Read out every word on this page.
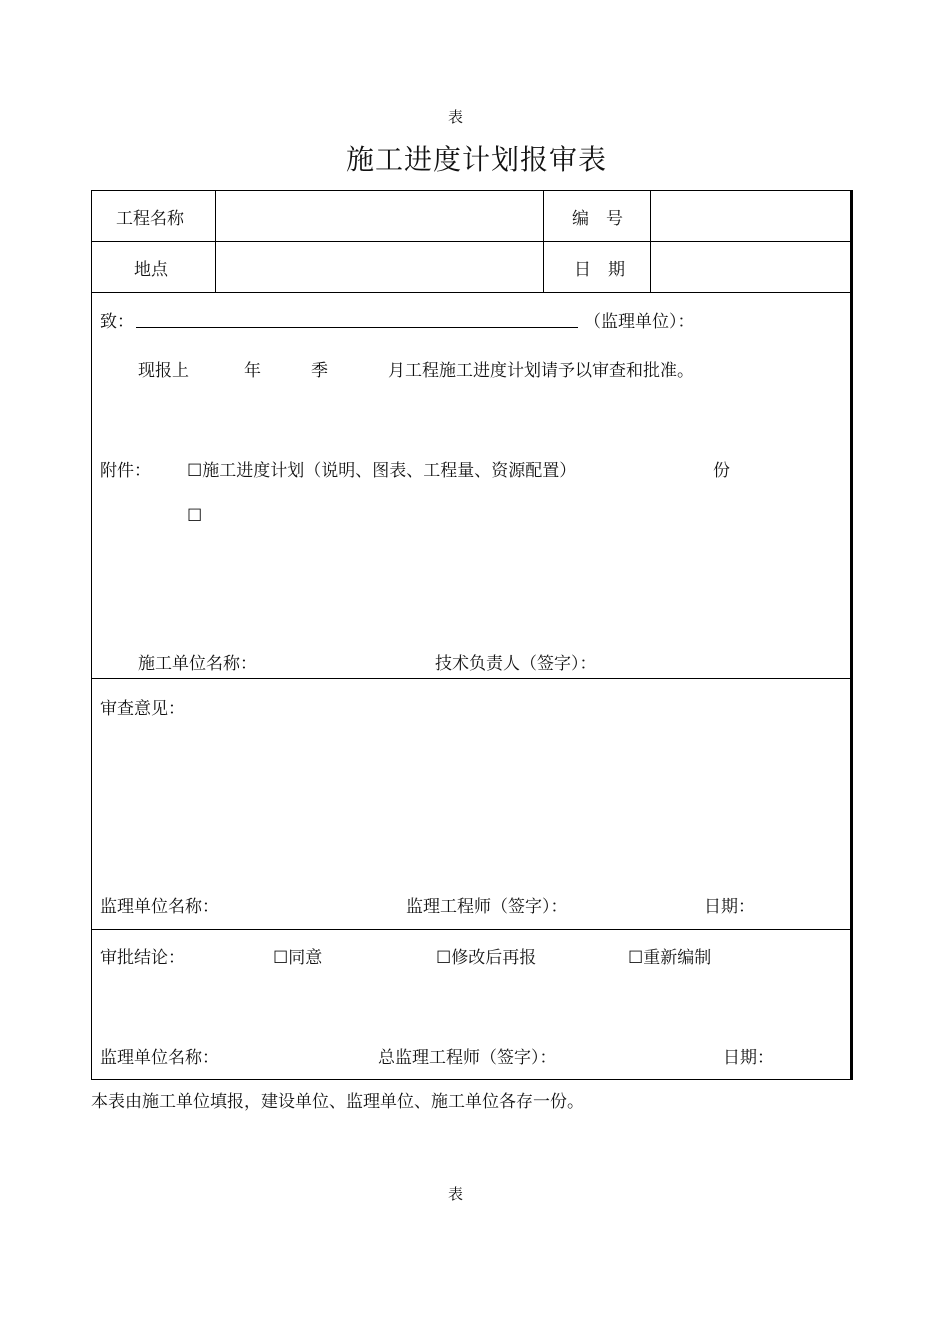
表
施工进度计划报审表
工程名称	编　号
地点	日　期
致：	（监理单位）：
现报上	年	季	月工程施工进度计划请予以审查和批准。
附件： ☐施工进度计划（说明、图表、工程量、资源配置）	份
☐
施工单位名称：	技术负责人（签字）：
审查意见：
监理单位名称：	监理工程师（签字）：	日期：
审批结论：	☐同意	☐修改后再报	☐重新编制
监理单位名称：	总监理工程师（签字）：	日期：
本表由施工单位填报，建设单位、监理单位、施工单位各存一份。
表
